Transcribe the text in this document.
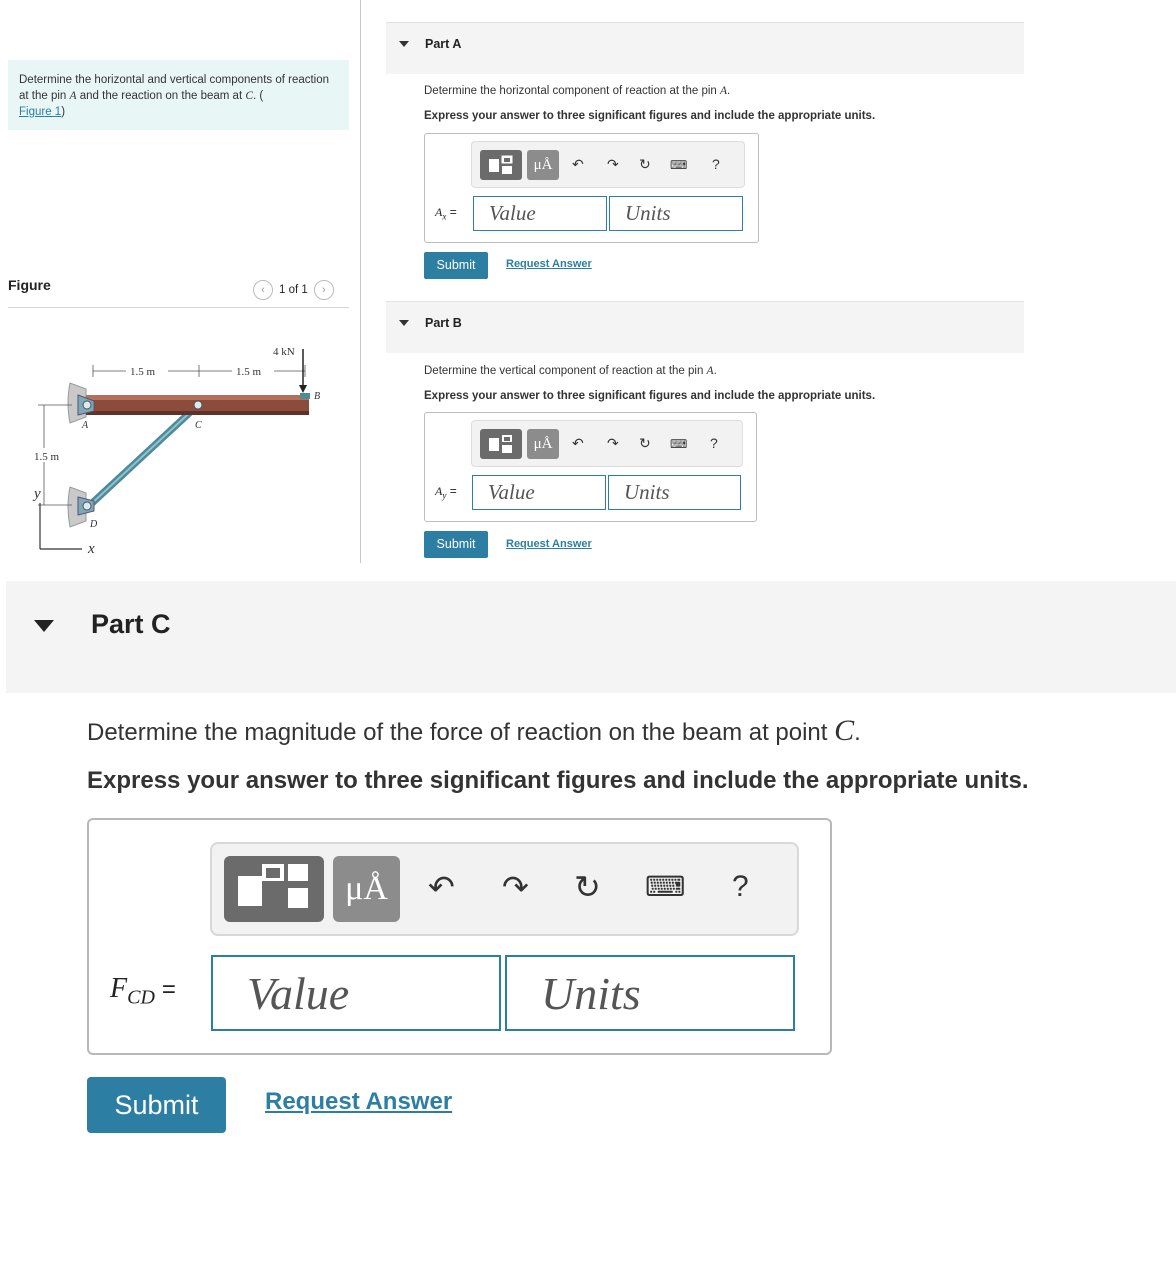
Determine the horizontal and vertical components of reaction at the pin A and the reaction on the beam at C. (
Figure 1)
Figure	‹	1 of 1	›
1.5 m	1.5 m
1.5 m
4 kN
A
B
C
D
y
x
Part A
Determine the horizontal component of reaction at the pin A.
Express your answer to three significant figures and include the appropriate units.
μÅ	↶ ↷ ↻ ⌨ ?
$A_x$ =	Value	Units
Submit	Request Answer
Part B
Determine the vertical component of reaction at the pin A.
Express your answer to three significant figures and include the appropriate units.
μÅ	↶ ↷ ↻ ⌨ ?
$A_y$ =	Value	Units
Submit	Request Answer
Part C
Determine the magnitude of the force of reaction on the beam at point C.
Express your answer to three significant figures and include the appropriate units.
μÅ	↶ ↷ ↻ ⌨ ?
$F_{CD}$ =	Value	Units
Submit	Request Answer
